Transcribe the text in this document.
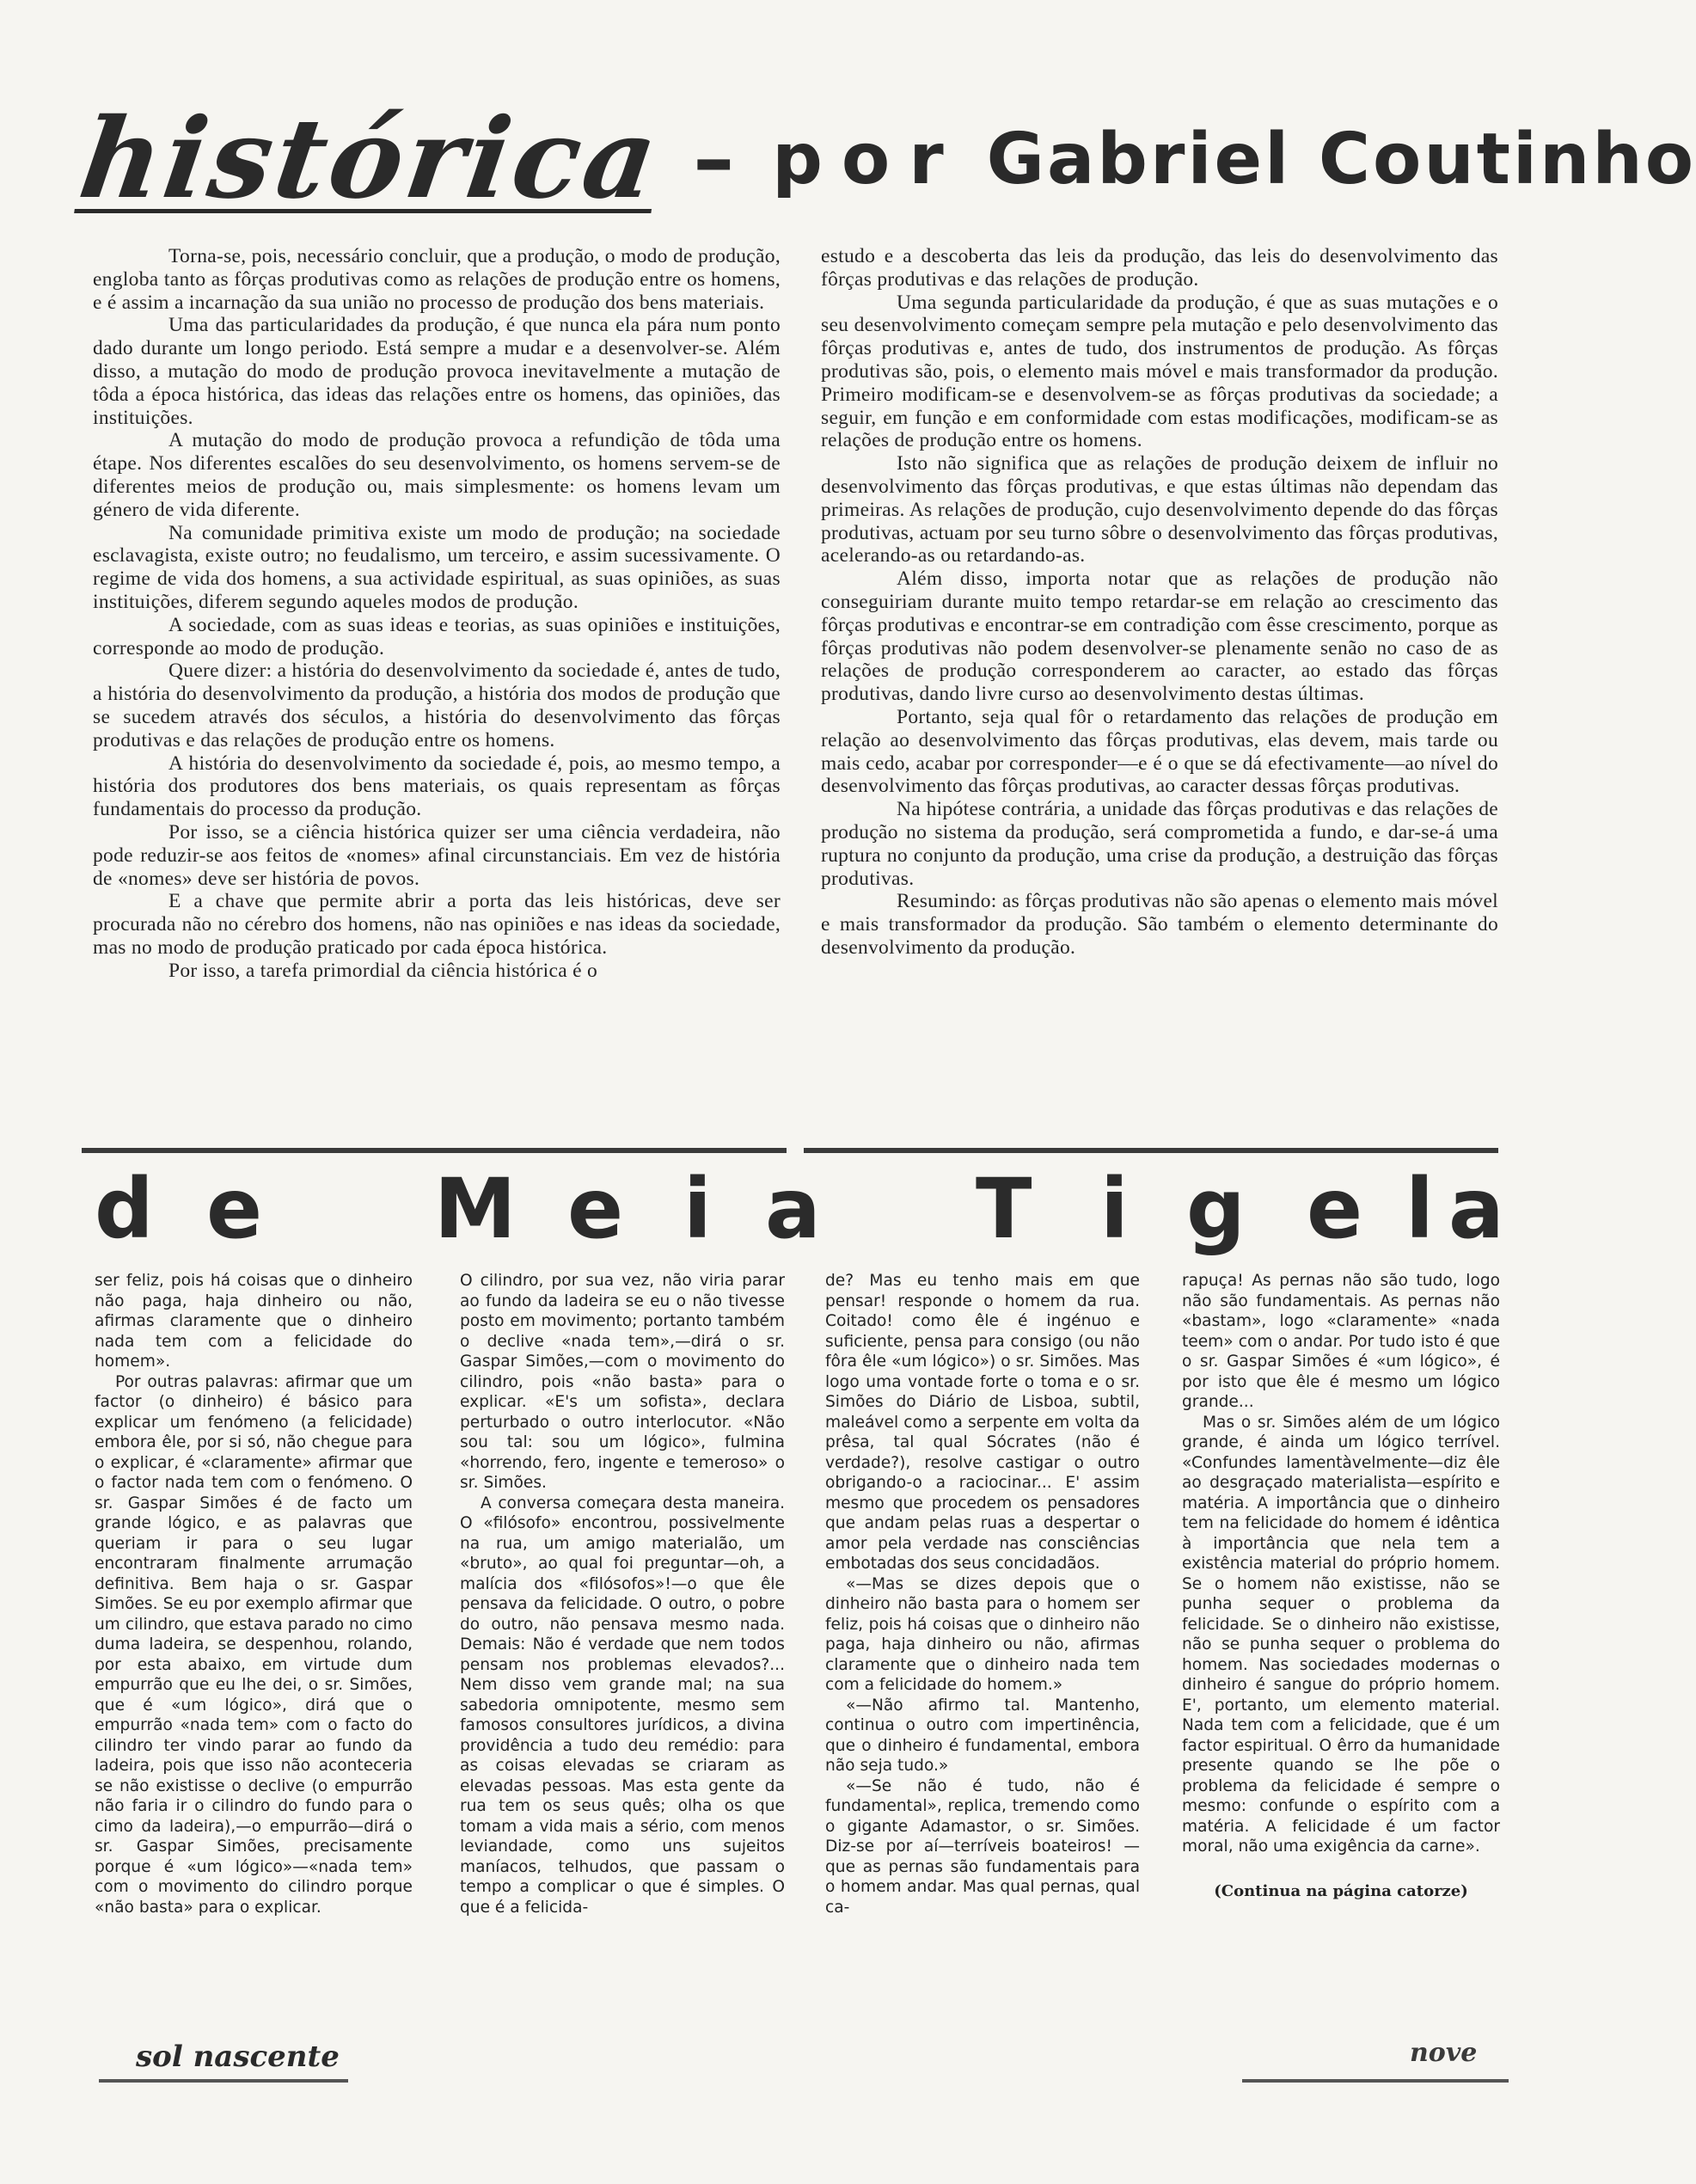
histórica – por Gabriel Coutinho

Torna-se, pois, necessário concluir, que a produção, o modo de produção, engloba tanto as fôrças produtivas como as relações de produção entre os homens, e é assim a incarnação da sua união no processo de produção dos bens materiais.

Uma das particularidades da produção, é que nunca ela pára num ponto dado durante um longo periodo. Está sempre a mudar e a desenvolver-se. Além disso, a mutação do modo de produção provoca inevitavelmente a mutação de tôda a época histórica, das ideas das relações entre os homens, das opiniões, das instituições.

A mutação do modo de produção provoca a refundição de tôda uma étape. Nos diferentes escalões do seu desenvolvimento, os homens servem-se de diferentes meios de produção ou, mais simplesmente: os homens levam um género de vida diferente.

Na comunidade primitiva existe um modo de produção; na sociedade esclavagista, existe outro; no feudalismo, um terceiro, e assim sucessivamente. O regime de vida dos homens, a sua actividade espiritual, as suas opiniões, as suas instituições, diferem segundo aqueles modos de produção.

A sociedade, com as suas ideas e teorias, as suas opiniões e instituições, corresponde ao modo de produção.

Quere dizer: a história do desenvolvimento da sociedade é, antes de tudo, a história do desenvolvimento da produção, a história dos modos de produção que se sucedem através dos séculos, a história do desenvolvimento das fôrças produtivas e das relações de produção entre os homens.

A história do desenvolvimento da sociedade é, pois, ao mesmo tempo, a história dos produtores dos bens materiais, os quais representam as fôrças fundamentais do processo da produção.

Por isso, se a ciência histórica quizer ser uma ciência verdadeira, não pode reduzir-se aos feitos de «nomes» afinal circunstanciais. Em vez de história de «nomes» deve ser história de povos.

E a chave que permite abrir a porta das leis históricas, deve ser procurada não no cérebro dos homens, não nas opiniões e nas ideas da sociedade, mas no modo de produção praticado por cada época histórica.

Por isso, a tarefa primordial da ciência histórica é o

estudo e a descoberta das leis da produção, das leis do desenvolvimento das fôrças produtivas e das relações de produção.

Uma segunda particularidade da produção, é que as suas mutações e o seu desenvolvimento começam sempre pela mutação e pelo desenvolvimento das fôrças produtivas e, antes de tudo, dos instrumentos de produção. As fôrças produtivas são, pois, o elemento mais móvel e mais transformador da produção. Primeiro modificam-se e desenvolvem-se as fôrças produtivas da sociedade; a seguir, em função e em conformidade com estas modificações, modificam-se as relações de produção entre os homens.

Isto não significa que as relações de produção deixem de influir no desenvolvimento das fôrças produtivas, e que estas últimas não dependam das primeiras. As relações de produção, cujo desenvolvimento depende do das fôrças produtivas, actuam por seu turno sôbre o desenvolvimento das fôrças produtivas, acelerando-as ou retardando-as.

Além disso, importa notar que as relações de produção não conseguiriam durante muito tempo retardar-se em relação ao crescimento das fôrças produtivas e encontrar-se em contradição com êsse crescimento, porque as fôrças produtivas não podem desenvolver-se plenamente senão no caso de as relações de produção corresponderem ao caracter, ao estado das fôrças produtivas, dando livre curso ao desenvolvimento destas últimas.

Portanto, seja qual fôr o retardamento das relações de produção em relação ao desenvolvimento das fôrças produtivas, elas devem, mais tarde ou mais cedo, acabar por corresponder—e é o que se dá efectivamente—ao nível do desenvolvimento das fôrças produtivas, ao caracter dessas fôrças produtivas.

Na hipótese contrária, a unidade das fôrças produtivas e das relações de produção no sistema da produção, será comprometida a fundo, e dar-se-á uma ruptura no conjunto da produção, uma crise da produção, a destruição das fôrças produtivas.

Resumindo: as fôrças produtivas não são apenas o elemento mais móvel e mais transformador da produção. São também o elemento determinante do desenvolvimento da produção.

d e M e i a T i g e l a

ser feliz, pois há coisas que o dinheiro não paga, haja dinheiro ou não, afirmas claramente que o dinheiro nada tem com a felicidade do homem».

Por outras palavras: afirmar que um factor (o dinheiro) é básico para explicar um fenómeno (a felicidade) embora êle, por si só, não chegue para o explicar, é «claramente» afirmar que o factor nada tem com o fenómeno. O sr. Gaspar Simões é de facto um grande lógico, e as palavras que queriam ir para o seu lugar encontraram finalmente arrumação definitiva. Bem haja o sr. Gaspar Simões. Se eu por exemplo afirmar que um cilindro, que estava parado no cimo duma ladeira, se despenhou, rolando, por esta abaixo, em virtude dum empurrão que eu lhe dei, o sr. Simões, que é «um lógico», dirá que o empurrão «nada tem» com o facto do cilindro ter vindo parar ao fundo da ladeira, pois que isso não aconteceria se não existisse o declive (o empurrão não faria ir o cilindro do fundo para o cimo da ladeira),—o empurrão—dirá o sr. Gaspar Simões, precisamente porque é «um lógico»—«nada tem» com o movimento do cilindro porque «não basta» para o explicar.

O cilindro, por sua vez, não viria parar ao fundo da ladeira se eu o não tivesse posto em movimento; portanto também o declive «nada tem»,—dirá o sr. Gaspar Simões,—com o movimento do cilindro, pois «não basta» para o explicar. «E's um sofista», declara perturbado o outro interlocutor. «Não sou tal: sou um lógico», fulmina «horrendo, fero, ingente e temeroso» o sr. Simões.

A conversa começara desta maneira. O «filósofo» encontrou, possivelmente na rua, um amigo materialão, um «bruto», ao qual foi preguntar—oh, a malícia dos «filósofos»!—o que êle pensava da felicidade. O outro, o pobre do outro, não pensava mesmo nada. Demais: Não é verdade que nem todos pensam nos problemas elevados?... Nem disso vem grande mal; na sua sabedoria omnipotente, mesmo sem famosos consultores jurídicos, a divina providência a tudo deu remédio: para as coisas elevadas se criaram as elevadas pessoas. Mas esta gente da rua tem os seus quês; olha os que tomam a vida mais a sério, com menos leviandade, como uns sujeitos maníacos, telhudos, que passam o tempo a complicar o que é simples. O que é a felicida-

de? Mas eu tenho mais em que pensar! responde o homem da rua. Coitado! como êle é ingénuo e suficiente, pensa para consigo (ou não fôra êle «um lógico») o sr. Simões. Mas logo uma vontade forte o toma e o sr. Simões do Diário de Lisboa, subtil, maleável como a serpente em volta da prêsa, tal qual Sócrates (não é verdade?), resolve castigar o outro obrigando-o a raciocinar... E' assim mesmo que procedem os pensadores que andam pelas ruas a despertar o amor pela verdade nas consciências embotadas dos seus concidadãos.

«—Mas se dizes depois que o dinheiro não basta para o homem ser feliz, pois há coisas que o dinheiro não paga, haja dinheiro ou não, afirmas claramente que o dinheiro nada tem com a felicidade do homem.»

«—Não afirmo tal. Mantenho, continua o outro com impertinência, que o dinheiro é fundamental, embora não seja tudo.»

«—Se não é tudo, não é fundamental», replica, tremendo como o gigante Adamastor, o sr. Simões. Diz-se por aí—terríveis boateiros! — que as pernas são fundamentais para o homem andar. Mas qual pernas, qual ca-

rapuça! As pernas não são tudo, logo não são fundamentais. As pernas não «bastam», logo «claramente» «nada teem» com o andar. Por tudo isto é que o sr. Gaspar Simões é «um lógico», é por isto que êle é mesmo um lógico grande...

Mas o sr. Simões além de um lógico grande, é ainda um lógico terrível. «Confundes lamentàvelmente—diz êle ao desgraçado materialista—espírito e matéria. A importância que o dinheiro tem na felicidade do homem é idêntica à importância que nela tem a existência material do próprio homem. Se o homem não existisse, não se punha sequer o problema da felicidade. Se o dinheiro não existisse, não se punha sequer o problema do homem. Nas sociedades modernas o dinheiro é sangue do próprio homem. E', portanto, um elemento material. Nada tem com a felicidade, que é um factor espiritual. O êrro da humanidade presente quando se lhe põe o problema da felicidade é sempre o mesmo: confunde o espírito com a matéria. A felicidade é um factor moral, não uma exigência da carne».

(Continua na página catorze)

sol nascente	nove
